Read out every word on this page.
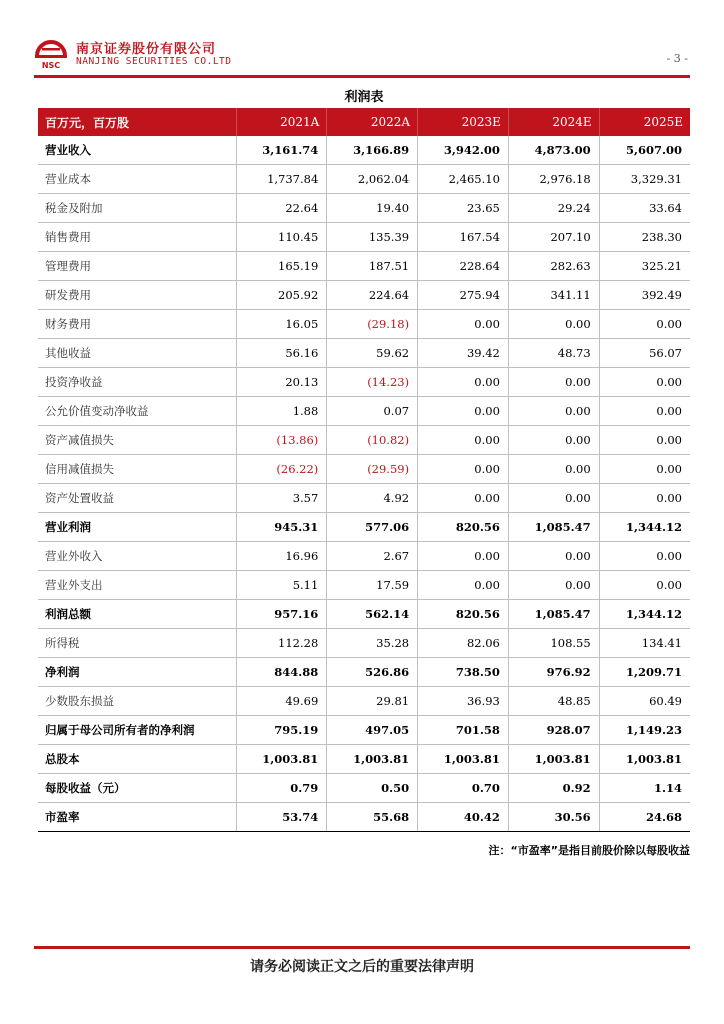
NSC
南京证券股份有限公司
NANJING SECURITIES CO.LTD	- 3 -
利润表
百万元，百万股	2021A	2022A	2023E	2024E	2025E
营业收入	3,161.74	3,166.89	3,942.00	4,873.00	5,607.00
营业成本	1,737.84	2,062.04	2,465.10	2,976.18	3,329.31
税金及附加	22.64	19.40	23.65	29.24	33.64
销售费用	110.45	135.39	167.54	207.10	238.30
管理费用	165.19	187.51	228.64	282.63	325.21
研发费用	205.92	224.64	275.94	341.11	392.49
财务费用	16.05	(29.18)	0.00	0.00	0.00
其他收益	56.16	59.62	39.42	48.73	56.07
投资净收益	20.13	(14.23)	0.00	0.00	0.00
公允价值变动净收益	1.88	0.07	0.00	0.00	0.00
资产减值损失	(13.86)	(10.82)	0.00	0.00	0.00
信用减值损失	(26.22)	(29.59)	0.00	0.00	0.00
资产处置收益	3.57	4.92	0.00	0.00	0.00
营业利润	945.31	577.06	820.56	1,085.47	1,344.12
营业外收入	16.96	2.67	0.00	0.00	0.00
营业外支出	5.11	17.59	0.00	0.00	0.00
利润总额	957.16	562.14	820.56	1,085.47	1,344.12
所得税	112.28	35.28	82.06	108.55	134.41
净利润	844.88	526.86	738.50	976.92	1,209.71
少数股东损益	49.69	29.81	36.93	48.85	60.49
归属于母公司所有者的净利润	795.19	497.05	701.58	928.07	1,149.23
总股本	1,003.81	1,003.81	1,003.81	1,003.81	1,003.81
每股收益（元）	0.79	0.50	0.70	0.92	1.14
市盈率	53.74	55.68	40.42	30.56	24.68
注：“市盈率”是指目前股价除以每股收益
请务必阅读正文之后的重要法律声明
